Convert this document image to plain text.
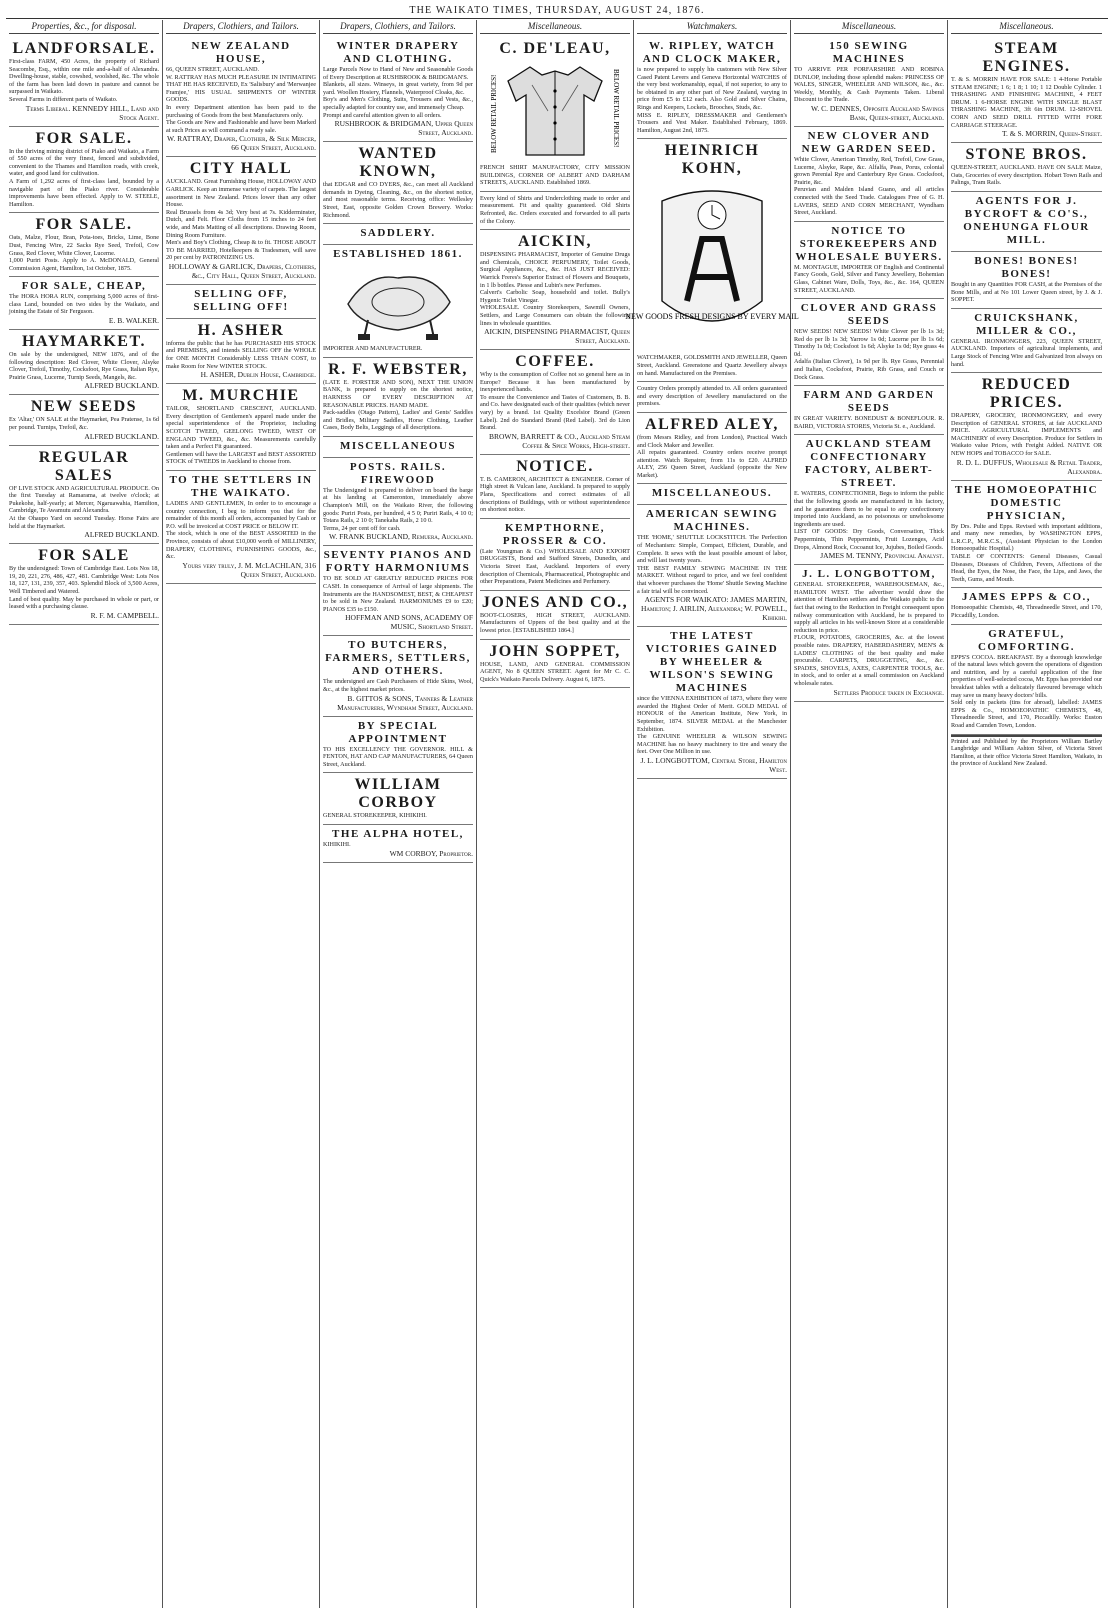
THE WAIKATO TIMES, THURSDAY, AUGUST 24, 1876.
Properties, &c., for disposal.
LANDFORSALE.
First-class FARM, 450 Acres, the property of Richard Seacombe, Esq., within one mile and-a-half of Alexandra. Dwelling-house, stable, cowshed, woolshed, &c. The whole of the farm has been laid down in pasture and cannot be surpassed in Waikato.
Several Farms in different parts of Waikato.
Terms Liberal. KENNEDY HILL, Land and Stock Agent.
FOR SALE.
In the thriving mining district of Piako and Waikato, a Farm of 550 acres of the very finest, fenced and subdivided, convenient to the Thames and Hamilton roads, with creek, water, and good land for cultivation.
A Farm of 1,292 acres of first-class land, bounded by a navigable part of the Piako river. Considerable improvements have been effected. Apply to W. STEELE, Hamilton.
FOR SALE.
Oats, Malze, Flour, Bran, Pota-toes, Bricks, Lime, Bone Dust, Fencing Wire, 22 Sacks Rye Seed, Trefoil, Cow Grass, Red Clover, White Clover, Lucerne.
1,000 Puriri Posts. Apply to A. McDONALD, General Commission Agent, Hamilton, 1st October, 1875.
FOR SALE, CHEAP,
The HORA HORA RUN, comprising 5,000 acres of first-class Land, bounded on two sides by the Waikato, and joining the Estate of Sir Ferguson.
E. B. WALKER.
HAYMARKET.
On sale by the undersigned, NEW 1876, and of the following description: Red Clover, White Clover, Alsyke Clover, Trefoil, Timothy, Cocksfoot, Rye Grass, Italian Rye, Prairie Grass, Lucerne, Turnip Seeds, Mangels, &c.
ALFRED BUCKLAND.
NEW SEEDS
Ex 'Altar,' ON SALE at the Haymarket, Pea Pratense, 1s 6d per pound. Turnips, Trefoil, &c.
ALFRED BUCKLAND.
REGULAR SALES
OF LIVE STOCK AND AGRICULTURAL PRODUCE. On the first Tuesday at Ramarama, at twelve o'clock; at Pukekohe, half-yearly; at Mercer, Ngaruawahia, Hamilton, Cambridge, Te Awamutu and Alexandra.
At the Ohaupo Yard on second Tuesday. Horse Fairs are held at the Haymarket.
ALFRED BUCKLAND.
FOR SALE
By the undersigned: Town of Cambridge East. Lots Nos 18, 19, 20, 221, 276, 486, 427, 481. Cambridge West: Lots Nos 18, 127, 131, 239, 357, 403. Splendid Block of 3,500 Acres, Well Timbered and Watered.
Land of best quality. May be purchased in whole or part, or leased with a purchasing clause.
R. F. M. CAMPBELL.
Drapers, Clothiers, and Tailors.
NEW ZEALAND HOUSE,
66, QUEEN STREET, AUCKLAND.
W. RATTRAY HAS MUCH PLEASURE IN INTIMATING THAT HE HAS RECEIVED, Ex 'Salisbury' and 'Merwanjee Framjee,' HIS USUAL SHIPMENTS OF WINTER GOODS.
In every Department attention has been paid to the purchasing of Goods from the best Manufacturers only.
The Goods are New and Fashionable and have been Marked at such Prices as will command a ready sale.
W. RATTRAY, Draper, Clothier, & Silk Mercer, 66 Queen Street, Auckland.
CITY HALL
AUCKLAND. Great Furnishing House, HOLLOWAY AND GARLICK. Keep an immense variety of carpets. The largest assortment in New Zealand. Prices lower than any other House.
Real Brussels from 4s 3d; Very best at 7s. Kidderminster, Dutch, and Felt. Floor Cloths from 15 inches to 24 feet wide, and Mats Matting of all descriptions. Drawing Room, Dining Room Furniture.
Men's and Boy's Clothing, Cheap & to fit. THOSE ABOUT TO BE MARRIED, Hotelkeepers & Tradesmen, will save 20 per cent by PATRONIZING US.
HOLLOWAY & GARLICK, Drapers, Clothiers, &c., City Hall, Queen Street, Auckland.
SELLING OFF, SELLING OFF!
H. ASHER
informs the public that he has PURCHASED HIS STOCK and PREMISES, and intends SELLING OFF the WHOLE for ONE MONTH Considerably LESS THAN COST, to make Room for New WINTER STOCK.
H. ASHER, Dublin House, Cambridge.
M. MURCHIE
TAILOR, SHORTLAND CRESCENT, AUCKLAND. Every description of Gentlemen's apparel made under the special superintendence of the Proprietor, including SCOTCH TWEED, GEELONG TWEED, WEST OF ENGLAND TWEED, &c., &c. Measurements carefully taken and a Perfect Fit guaranteed.
Gentlemen will have the LARGEST and BEST ASSORTED STOCK of TWEEDS in Auckland to choose from.
TO THE SETTLERS IN THE WAIKATO.
LADIES AND GENTLEMEN, In order to to encourage a country connection, I beg to inform you that for the remainder of this month all orders, accompanied by Cash or P.O. will be invoiced at COST PRICE or BELOW IT.
The stock, which is one of the BEST ASSORTED in the Province, consists of about £10,000 worth of MILLINERY, DRAPERY, CLOTHING, FURNISHING GOODS, &c., &c.
Yours very truly, J. M. McLACHLAN, 316 Queen Street, Auckland.
Drapers, Clothiers, and Tailors.
WINTER DRAPERY AND CLOTHING.
Large Parcels Now to Hand of New and Seasonable Goods of Every Description at RUSHBROOK & BRIDGMAN'S.
Blankets, all sizes. Winseys, in great variety, from 9d per yard. Woollen Hosiery, Flannels, Waterproof Cloaks, &c.
Boy's and Men's Clothing, Suits, Trousers and Vests, &c., specially adapted for country use, and immensely Cheap.
Prompt and careful attention given to all orders.
RUSHBROOK & BRIDGMAN, Upper Queen Street, Auckland.
WANTED KNOWN,
that EDGAR and CO DYERS, &c., can meet all Auckland demands in Dyeing, Cleaning, &c., on the shortest notice, and most reasonable terms. Receiving office: Wellesley Street, East, opposite Golden Crown Brewery. Works: Richmond.
SADDLERY.
ESTABLISHED 1861.
IMPORTER AND MANUFACTURER.
R. F. WEBSTER,
(LATE E. FORSTER AND SON), NEXT THE UNION BANK, is prepared to supply on the shortest notice, HARNESS OF EVERY DESCRIPTION AT REASONABLE PRICES. HAND MADE.
Pack-saddles (Otago Pattern), Ladies' and Gents' Saddles and Bridles, Military Saddles, Horse Clothing, Leather Cases, Body Belts, Leggings of all descriptions.
MISCELLANEOUS
POSTS. RAILS. FIREWOOD
The Undersigned is prepared to deliver on board the barge at his landing at Cameronton, immediately above Champion's Mill, on the Waikato River, the following goods: Puriri Posts, per hundred, 4 5 0; Puriri Rails, 4 10 0; Totara Rails, 2 10 0; Tanekaha Rails, 2 10 0.
Terms, 24 per cent off for cash.
W. FRANK BUCKLAND, Remuera, Auckland.
SEVENTY PIANOS AND FORTY HARMONIUMS
TO BE SOLD AT GREATLY REDUCED PRICES FOR CASH. In consequence of Arrival of large shipments. The Instruments are the HANDSOMEST, BEST, & CHEAPEST to be sold in New Zealand. HARMONIUMS £9 to £20; PIANOS £35 to £150.
HOFFMAN AND SONS, ACADEMY OF MUSIC, Shortland Street.
TO BUTCHERS, FARMERS, SETTLERS, AND OTHERS.
The undersigned are Cash Purchasers of Hide Skins, Wool, &c., at the highest market prices.
B. GITTOS & SONS, Tanners & Leather Manufacturers, Wyndham Street, Auckland.
BY SPECIAL APPOINTMENT
TO HIS EXCELLENCY THE GOVERNOR. HILL & FENTON, HAT AND CAP MANUFACTURERS, 64 Queen Street, Auckland.
WILLIAM CORBOY
GENERAL STOREKEEPER, KIHIKIHI.
THE ALPHA HOTEL,
KIHIKIHI.
WM CORBOY, Proprietor.
Miscellaneous.
C. DE'LEAU,
BELOW RETAIL PRICES!	BELOW RETAIL PRICES!
FRENCH SHIRT MANUFACTORY, CITY MISSION BUILDINGS, CORNER OF ALBERT AND DARHAM STREETS, AUCKLAND. Established 1869.
Every kind of Shirts and Underclothing made to order and measurement. Fit and quality guaranteed. Old Shirts Refronted, &c. Orders executed and forwarded to all parts of the Colony.
AICKIN,
DISPENSING PHARMACIST, Importer of Genuine Drugs and Chemicals, CHOICE PERFUMERY, Toilet Goods, Surgical Appliances, &c., &c. HAS JUST RECEIVED: Warrick Freres's Superior Extract of Flowers and Bouquets, in 1 lb bottles. Piesse and Lubin's new Perfumes.
Calvert's Carbolic Soap, household and toilet. Bully's Hygenic Toilet Vinegar.
WHOLESALE. Country Storekeepers, Sawmill Owners, Settlers, and Large Consumers can obtain the following lines in wholesale quantities.
AICKIN, DISPENSING PHARMACIST, Queen Street, Auckland.
COFFEE.
Why is the consumption of Coffee not so general here as in Europe? Because it has been manufactured by inexperienced hands.
To ensure the Convenience and Tastes of Customers, B. B. and Co. have designated each of their qualities (which never vary) by a brand. 1st Quality Excelsior Brand (Green Label). 2nd do Standard Brand (Red Label). 3rd do Lion Brand.
BROWN, BARRETT & CO., Auckland Steam Coffee & Spice Works, High-street.
NOTICE.
T. B. CAMERON, ARCHITECT & ENGINEER. Corner of High street & Vulcan lane, Auckland. Is prepared to supply Plans, Specifications and correct estimates of all descriptions of Buildings, with or without superintendence on shortest notice.
KEMPTHORNE, PROSSER & CO.
(Late Youngman & Co.) WHOLESALE AND EXPORT DRUGGISTS, Bond and Stafford Streets, Dunedin, and Victoria Street East, Auckland. Importers of every description of Chemicals, Pharmaceutical, Photographic and other Preparations, Patent Medicines and Perfumery.
JONES AND CO.,
BOOT-CLOSERS, HIGH STREET, AUCKLAND. Manufacturers of Uppers of the best quality and at the lowest price. [ESTABLISHED 1864.]
JOHN SOPPET,
HOUSE, LAND, AND GENERAL COMMISSION AGENT, No 8 QUEEN STREET. Agent for Mr C. C. Quick's Waikato Parcels Delivery. August 6, 1875.
Watchmakers.
W. RIPLEY, WATCH AND CLOCK MAKER,
is now prepared to supply his customers with New Silver Cased Patent Levers and Geneva Horizontal WATCHES of the very best workmanship, equal, if not superior, to any to be obtained in any other part of New Zealand, varying in price from £5 to £12 each. Also Gold and Silver Chains, Rings and Keepers, Lockets, Brooches, Studs, &c.
MISS E. RIPLEY, DRESSMAKER and Gentlemen's Trousers and Vest Maker. Established February, 1869. Hamilton, August 2nd, 1875.
HEINRICH KOHN,
NEW GOODS FRESH DESIGNS BY EVERY MAIL
WATCHMAKER, GOLDSMITH AND JEWELLER, Queen Street, Auckland. Greenstone and Quartz Jewellery always on hand. Manufactured on the Premises.
Country Orders promptly attended to. All orders guaranteed and every description of Jewellery manufactured on the premises.
ALFRED ALEY,
(from Messrs Ridley, and from London), Practical Watch and Clock Maker and Jeweller.
All repairs guaranteed. Country orders receive prompt attention. Watch Repairer, from 11s to £20. ALFRED ALEY, 256 Queen Street, Auckland (opposite the New Market).
MISCELLANEOUS.
AMERICAN SEWING MACHINES.
THE 'HOME,' SHUTTLE LOCKSTITCH. The Perfection of Mechanism: Simple, Compact, Efficient, Durable, and Complete. It sews with the least possible amount of labor, and will last twenty years.
THE BEST FAMILY SEWING MACHINE IN THE MARKET. Without regard to price, and we feel confident that whoever purchases the 'Home' Shuttle Sewing Machine a fair trial will be convinced.
AGENTS FOR WAIKATO: JAMES MARTIN, Hamilton; J. AIRLIN, Alexandra; W. POWELL, Kihikihi.
THE LATEST VICTORIES GAINED BY WHEELER & WILSON'S SEWING MACHINES
since the VIENNA EXHIBITION of 1873, where they were awarded the Highest Order of Merit. GOLD MEDAL of HONOUR of the American Institute, New York, in September, 1874. SILVER MEDAL at the Manchester Exhibition.
The GENUINE WHEELER & WILSON SEWING MACHINE has no heavy machinery to tire and weary the feet. Over One Million in use.
J. L. LONGBOTTOM, Central Store, Hamilton West.
Miscellaneous.
150 SEWING MACHINES
TO ARRIVE PER FORFARSHIRE AND ROBINA DUNLOP, including those splendid makes: PRINCESS OF WALES, SINGER, WHEELER AND WILSON, &c., &c. Weekly, Monthly, & Cash Payments Taken. Liberal Discount to the Trade.
W. C. DENNES, Opposite Auckland Savings Bank, Queen-street, Auckland.
NEW CLOVER AND NEW GARDEN SEED.
White Clover, American Timothy, Red, Trefoil, Cow Grass, Lucerne, Alsyke, Rape, &c. Alfalfa, Peas, Porus, colonial grown Perenial Rye and Canterbury Rye Grass. Cocksfoot, Prairie, &c.
Peruvian and Malden Island Guano, and all articles connected with the Seed Trade. Catalogues Free of G. H. LAVERS, SEED AND CORN MERCHANT, Wyndham Street, Auckland.
NOTICE TO STOREKEEPERS AND WHOLESALE BUYERS.
M. MONTAGUE, IMPORTER OF English and Continental Fancy Goods, Gold, Silver and Fancy Jewellery, Bohemian Glass, Cabinet Ware, Dolls, Toys, &c., &c. 164, QUEEN STREET, AUCKLAND.
CLOVER AND GRASS SEEDS
NEW SEEDS! NEW SEEDS! White Clover per lb 1s 3d; Red do per lb 1s 3d; Yarrow 1s 0d; Lucerne per lb 1s 6d; Timothy 1s 0d; Cocksfoot 1s 6d; Alsyke 1s 0d; Rye grass 4s 0d.
Adalfa (Italian Clover), 1s 9d per lb. Rye Grass, Perennial and Italian, Cocksfoot, Prairie, Rib Grass, and Couch or Dock Grass.
FARM AND GARDEN SEEDS
IN GREAT VARIETY. BONEDUST & BONEFLOUR. R. BAIRD, VICTORIA STORES, Victoria St. e., Auckland.
AUCKLAND STEAM CONFECTIONARY FACTORY, ALBERT-STREET.
E. WATERS, CONFECTIONER, Begs to inform the public that the following goods are manufactured in his factory, and he guarantees them to be equal to any confectionery imported into Auckland, as no poisonous or unwholesome ingredients are used.
LIST OF GOODS: Dry Goods, Conversation, Thick Peppermints, Thin Peppermints, Fruit Lozenges, Acid Drops, Almond Rock, Cocoanut Ice, Jujubes, Boiled Goods.
JAMES M. TENNY, Provincial Analyst.
J. L. LONGBOTTOM,
GENERAL STOREKEEPER, WAREHOUSEMAN, &c., HAMILTON WEST. The advertiser would draw the attention of Hamilton settlers and the Waikato public to the fact that owing to the Reduction in Freight consequent upon railway communication with Auckland, he is prepared to supply all articles in his well-known Store at a considerable reduction in price.
FLOUR, POTATOES, GROCERIES, &c. at the lowest possible rates. DRAPERY, HABERDASHERY, MEN'S & LADIES' CLOTHING of the best quality and make procurable. CARPETS, DRUGGETING, &c., &c. SPADES, SHOVELS, AXES, CARPENTER TOOLS, &c. in stock, and to order at a small commission on Auckland wholesale rates.
Settlers Produce taken in Exchange.
Miscellaneous.
STEAM ENGINES.
T. & S. MORRIN HAVE FOR SALE: 1 4-Horse Portable STEAM ENGINE; 1 6; 1 8; 1 10; 1 12 Double Cylinder. 1 THRASHING AND FINISHING MACHINE, 4 FEET DRUM. 1 6-HORSE ENGINE WITH SINGLE BLAST THRASHING MACHINE, 3ft 6in DRUM. 12-SHOVEL CORN AND SEED DRILL FITTED WITH FORE CARRIAGE STEERAGE.
T. & S. MORRIN, Queen-Street.
STONE BROS.
QUEEN-STREET, AUCKLAND. HAVE ON SALE Maize, Oats, Groceries of every description. Hobart Town Rails and Palings, Tram Rails.
AGENTS FOR J. BYCROFT & CO'S., ONEHUNGA FLOUR MILL.
BONES! BONES! BONES!
Bought in any Quantities FOR CASH, at the Premises of the Bone Mills, and at No 101 Lower Queen street, by J. & J. SOPPET.
CRUICKSHANK, MILLER & CO.,
GENERAL IRONMONGERS, 223, QUEEN STREET, AUCKLAND. Importers of agricultural implements, and Large Stock of Fencing Wire and Galvanized Iron always on hand.
REDUCED PRICES.
DRAPERY, GROCERY, IRONMONGERY, and every Description of GENERAL STORES, at fair AUCKLAND PRICE. AGRICULTURAL IMPLEMENTS and MACHINERY of every Description. Produce for Settlers in Waikato value Prices, with Freight Added. NATIVE OR NEW HOPS and TOBACCO for SALE.
R. D. L. DUFFUS, Wholesale & Retail Trader, Alexandra.
THE HOMOEOPATHIC DOMESTIC PHYSICIAN,
By Drs. Pulte and Epps. Revised with important additions, and many new remedies, by WASHINGTON EPPS, L.R.C.P., M.R.C.S., (Assistant Physician to the London Homoeopathic Hospital.)
TABLE OF CONTENTS: General Diseases, Casual Diseases, Diseases of Children, Fevers, Affections of the Head, the Eyes, the Nose, the Face, the Lips, and Jaws, the Teeth, Gums, and Mouth.
JAMES EPPS & CO.,
Homoeopathic Chemists, 48, Threadneedle Street, and 170, Piccadilly, London.
GRATEFUL, COMFORTING.
EPPS'S COCOA. BREAKFAST. By a thorough knowledge of the natural laws which govern the operations of digestion and nutrition, and by a careful application of the fine properties of well-selected cocoa, Mr. Epps has provided our breakfast tables with a delicately flavoured beverage which may save us many heavy doctors' bills.
Sold only in packets (tins for abroad), labelled: JAMES EPPS & Co., HOMOEOPATHIC CHEMISTS, 48, Threadneedle Street, and 170, Piccadilly. Works: Euston Road and Camden Town, London.
Printed and Published by the Proprietors William Bartley Langbridge and William Ashton Silver, of Victoria Street Hamilton, at their office Victoria Street Hamilton, Waikato, in the province of Auckland New Zealand.
